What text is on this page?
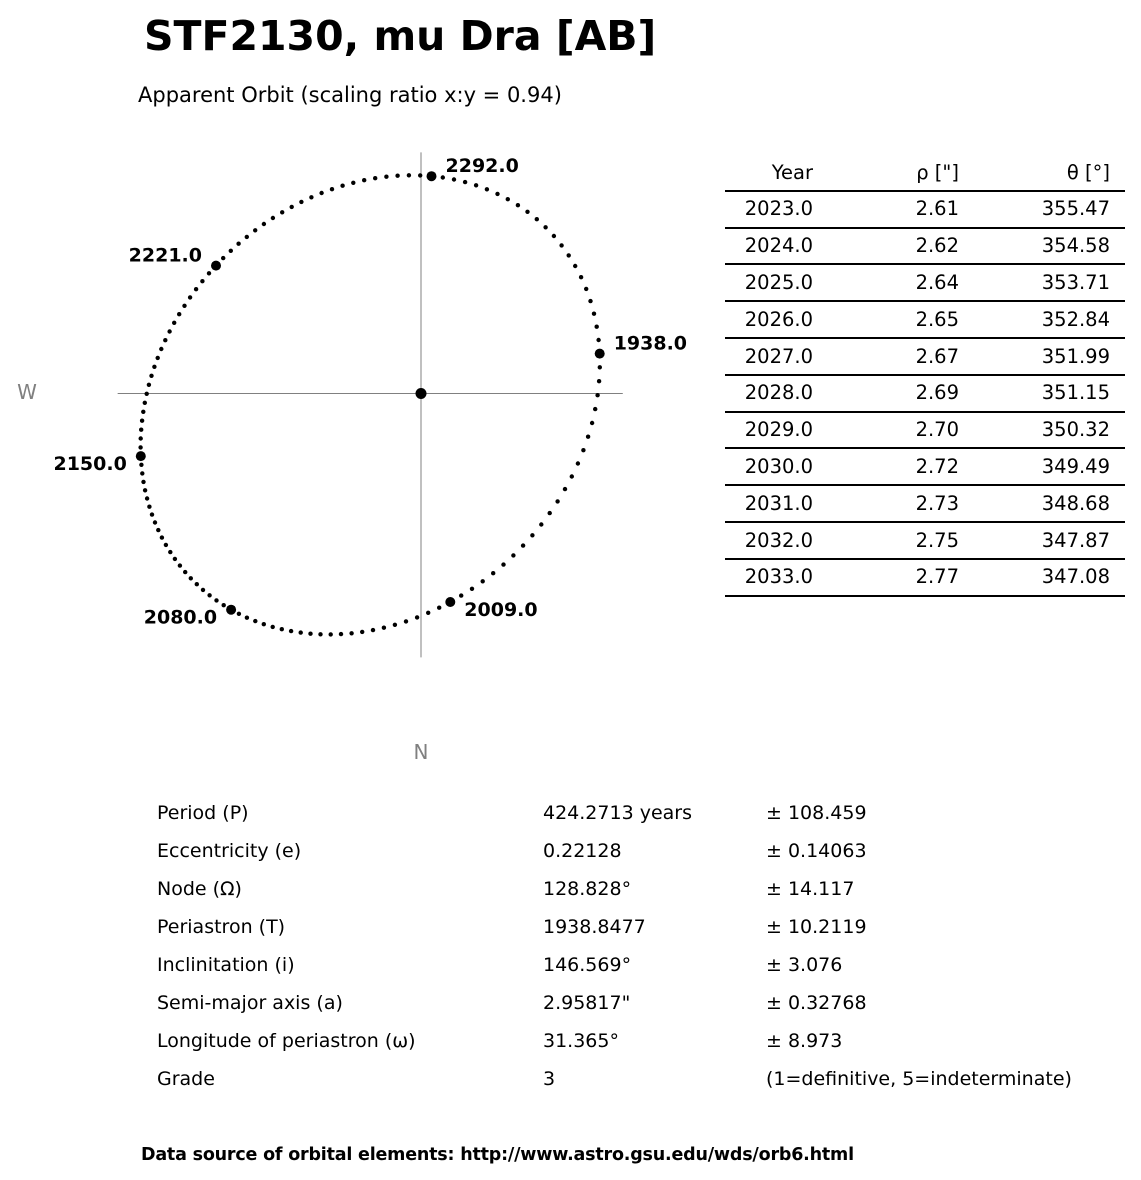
1938.0
2009.0
2080.0
2150.0
2221.0
2292.0
W
N
STF2130, mu Dra [AB]
Apparent Orbit (scaling ratio x:y = 0.94)
Year	ρ ["]	θ [°]
2023.0	2.61	355.47
2024.0	2.62	354.58
2025.0	2.64	353.71
2026.0	2.65	352.84
2027.0	2.67	351.99
2028.0	2.69	351.15
2029.0	2.70	350.32
2030.0	2.72	349.49
2031.0	2.73	348.68
2032.0	2.75	347.87
2033.0	2.77	347.08
Period (P)	424.2713 years	± 108.459
Eccentricity (e)	0.22128	± 0.14063
Node (Ω)	128.828°	± 14.117
Periastron (T)	1938.8477	± 10.2119
Inclinitation (i)	146.569°	± 3.076
Semi-major axis (a)	2.95817"	± 0.32768
Longitude of periastron (ω)	31.365°	± 8.973
Grade	3	(1=definitive, 5=indeterminate)
Data source of orbital elements: http://www.astro.gsu.edu/wds/orb6.html
